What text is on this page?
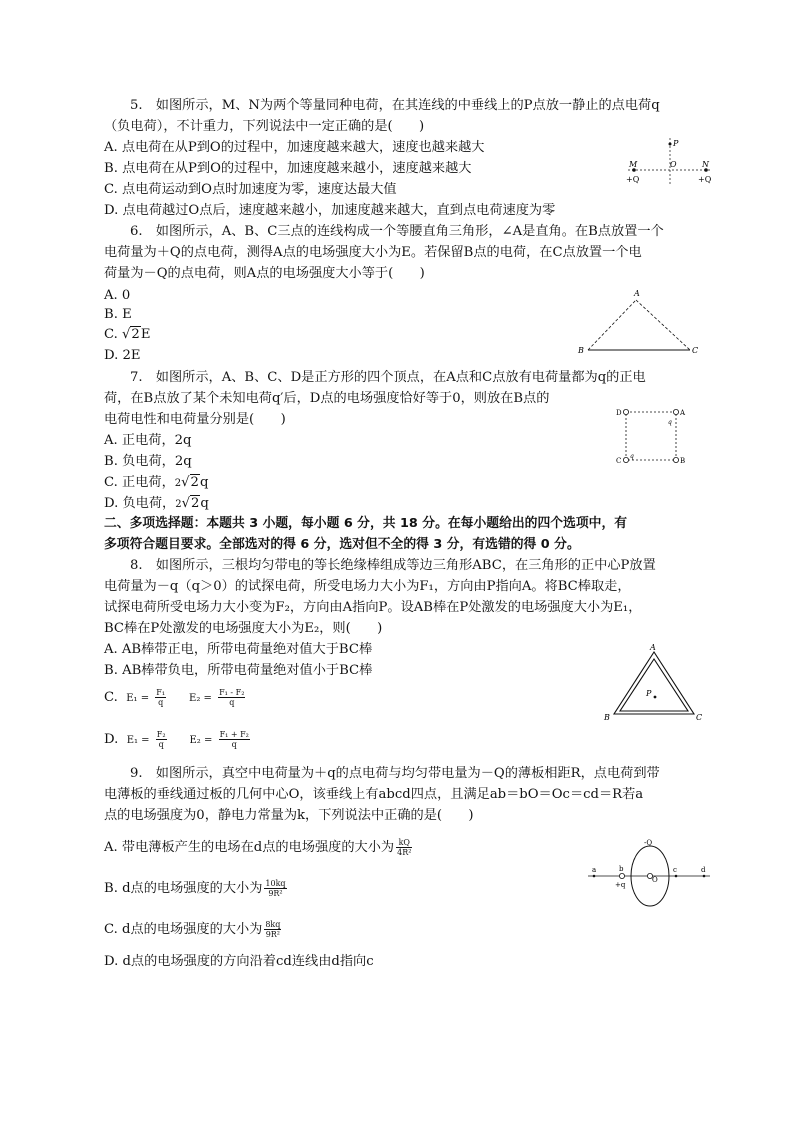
5.　如图所示，M、N为两个等量同种电荷，在其连线的中垂线上的P点放一静止的点电荷q
（负电荷），不计重力，下列说法中一定正确的是(　　)
A. 点电荷在从P到O的过程中，加速度越来越大，速度也越来越大
B. 点电荷在从P到O的过程中，加速度越来越小，速度越来越大
C. 点电荷运动到O点时加速度为零，速度达最大值
D. 点电荷越过O点后，速度越来越小，加速度越来越大，直到点电荷速度为零
P
M	O	N
+Q	+Q
6.　如图所示，A、B、C三点的连线构成一个等腰直角三角形，∠A是直角。在B点放置一个
电荷量为＋Q的点电荷，测得A点的电场强度大小为E。若保留B点的电荷，在C点放置一个电
荷量为－Q的点电荷，则A点的电场强度大小等于(　　)
A. 0
B. E
C. √2E
D. 2E
A
B	C
7.　如图所示，A、B、C、D是正方形的四个顶点，在A点和C点放有电荷量都为q的正电
荷，在B点放了某个未知电荷q′后，D点的电场强度恰好等于0，则放在B点的
电荷电性和电荷量分别是(　　)
A. 正电荷，2q
B. 负电荷，2q
C. 正电荷，2√2q
D. 负电荷，2√2q
D	A
C	B
q
q
二、多项选择题：本题共 3 小题，每小题 6 分，共 18 分。在每小题给出的四个选项中，有
多项符合题目要求。全部选对的得 6 分，选对但不全的得 3 分，有选错的得 0 分。
8.　如图所示，三根均匀带电的等长绝缘棒组成等边三角形ABC，在三角形的正中心P放置
电荷量为－q（q＞0）的试探电荷，所受电场力大小为F₁，方向由P指向A。将BC棒取走，
试探电荷所受电场力大小变为F₂，方向由A指向P。设AB棒在P处激发的电场强度大小为E₁，
BC棒在P处激发的电场强度大小为E₂，则(　　)
A. AB棒带正电，所带电荷量绝对值大于BC棒
B. AB棒带负电，所带电荷量绝对值小于BC棒
C. $E_1 = \frac{\text{F₁}}{q} E_2 = \frac{\text{F₁ - F₂}}{q}$
D. $E_1 = \frac{\text{F₂}}{q} E_2 = \frac{\text{F₁ + F₂}}{q}$
A
B	C
P
9.　如图所示，真空中电荷量为＋q的点电荷与均匀带电量为－Q的薄板相距R，点电荷到带
电薄板的垂线通过板的几何中心O，该垂线上有abcd四点，且满足ab＝bO＝Oc＝cd＝R若a
点的电场强度为0，静电力常量为k，下列说法中正确的是(　　)
A. 带电薄板产生的电场在d点的电场强度的大小为 $\frac{kQ}{\text{4R²}}$
B. d点的电场强度的大小为 $\frac{10kq}{\text{9R²}}$
C. d点的电场强度的大小为 $\frac{8kq}{\text{9R²}}$
D. d点的电场强度的方向沿着cd连线由d指向c
a	b
+q
O
c	d
-Q
